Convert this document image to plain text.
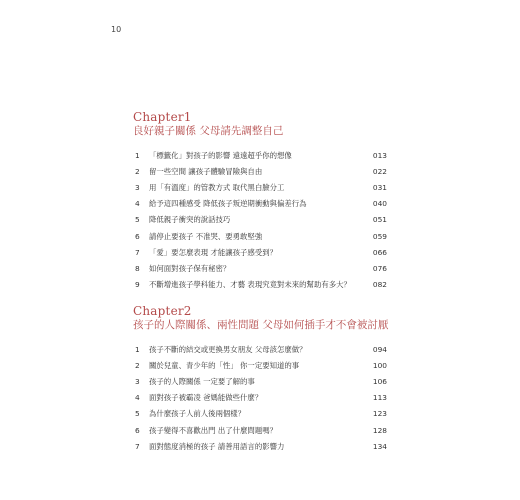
10
Chapter1
良好親子關係 父母請先調整自己
1	「標籤化」對孩子的影響 遠遠超乎你的想像	013
2	留一些空間 讓孩子體驗冒險與自由	022
3	用「有溫度」的管教方式 取代黑白臉分工	031
4	給予這四種感受 降低孩子叛逆期衝動與偏差行為	040
5	降低親子衝突的說話技巧	051
6	請停止要孩子 不准哭、要勇敢堅強	059
7	「愛」要怎麼表現 才能讓孩子感受到？	066
8	如何面對孩子保有秘密？	076
9	不斷增進孩子學科能力、才藝 表現究竟對未來的幫助有多大？	082
Chapter2
孩子的人際關係、兩性問題 父母如何插手才不會被討厭
1	孩子不斷的結交或更換男女朋友 父母該怎麼做？	094
2	關於兒童、青少年的「性」 你一定要知道的事	100
3	孩子的人際關係 一定要了解的事	106
4	面對孩子被霸凌 爸媽能做些什麼？	113
5	為什麼孩子人前人後兩個樣？	123
6	孩子變得不喜歡出門 出了什麼問題嗎？	128
7	面對態度消極的孩子 請善用語言的影響力	134
